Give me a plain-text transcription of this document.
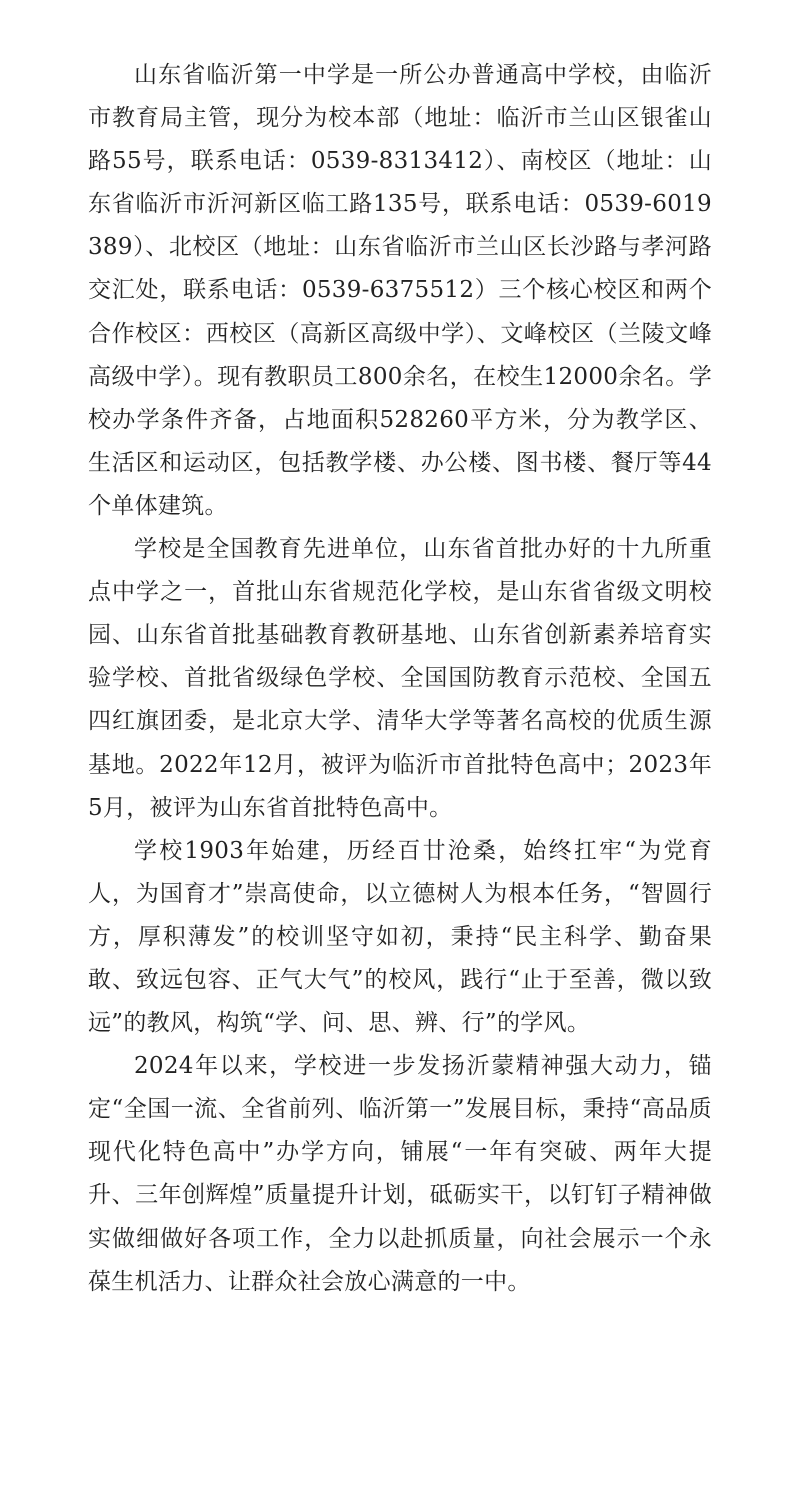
山东省临沂第一中学是一所公办普通高中学校，由临沂市教育局主管，现分为校本部（地址：临沂市兰山区银雀山路55号，联系电话：0539-8313412）、南校区（地址：山东省临沂市沂河新区临工路135号，联系电话：0539-6019389）、北校区（地址：山东省临沂市兰山区长沙路与孝河路交汇处，联系电话：0539-6375512）三个核心校区和两个合作校区：西校区（高新区高级中学）、文峰校区（兰陵文峰高级中学）。现有教职员工800余名，在校生12000余名。学校办学条件齐备，占地面积528260平方米，分为教学区、生活区和运动区，包括教学楼、办公楼、图书楼、餐厅等44个单体建筑。

学校是全国教育先进单位，山东省首批办好的十九所重点中学之一，首批山东省规范化学校，是山东省省级文明校园、山东省首批基础教育教研基地、山东省创新素养培育实验学校、首批省级绿色学校、全国国防教育示范校、全国五四红旗团委，是北京大学、清华大学等著名高校的优质生源基地。2022年12月，被评为临沂市首批特色高中；2023年5月，被评为山东省首批特色高中。

学校1903年始建，历经百廿沧桑，始终扛牢“为党育人，为国育才”崇高使命，以立德树人为根本任务，“智圆行方，厚积薄发”的校训坚守如初，秉持“民主科学、勤奋果敢、致远包容、正气大气”的校风，践行“止于至善，微以致远”的教风，构筑“学、问、思、辨、行”的学风。

2024年以来，学校进一步发扬沂蒙精神强大动力，锚定“全国一流、全省前列、临沂第一”发展目标，秉持“高品质现代化特色高中”办学方向，铺展“一年有突破、两年大提升、三年创辉煌”质量提升计划，砥砺实干，以钉钉子精神做实做细做好各项工作，全力以赴抓质量，向社会展示一个永葆生机活力、让群众社会放心满意的一中。
